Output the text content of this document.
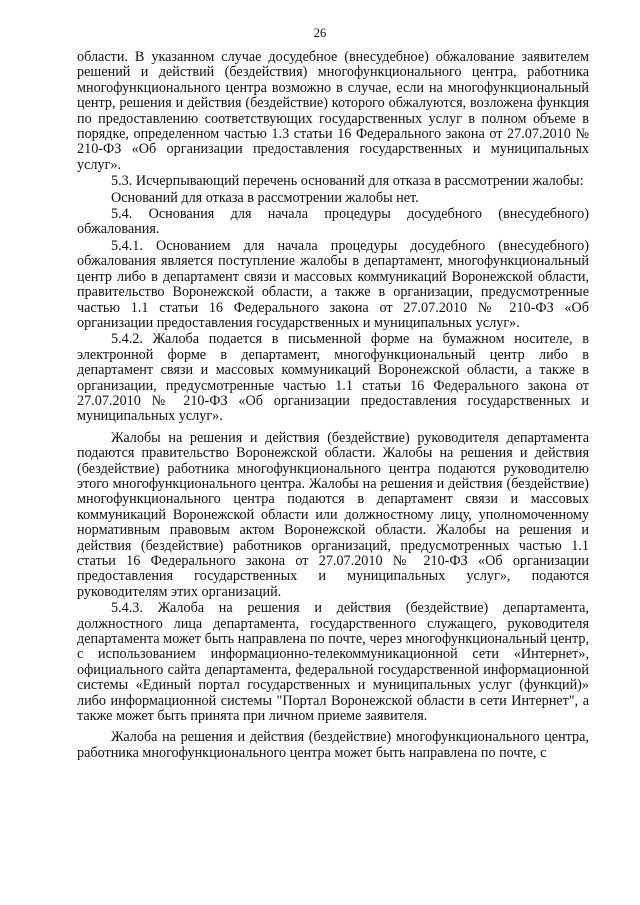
26

области. В указанном случае досудебное (внесудебное) обжалование заявителем решений и действий (бездействия) многофункционального центра, работника многофункционального центра возможно в случае, если на многофункциональный центр, решения и действия (бездействие) которого обжалуются, возложена функция по предоставлению соответствующих государственных услуг в полном объеме в порядке, определенном частью 1.3 статьи 16 Федерального закона от 27.07.2010 № 210-ФЗ «Об организации предоставления государственных и муниципальных услуг».

5.3. Исчерпывающий перечень оснований для отказа в рассмотрении жалобы:

Оснований для отказа в рассмотрении жалобы нет.

5.4. Основания для начала процедуры досудебного (внесудебного) обжалования.

5.4.1. Основанием для начала процедуры досудебного (внесудебного) обжалования является поступление жалобы в департамент, многофункциональный центр либо в департамент связи и массовых коммуникаций Воронежской области, правительство Воронежской области, а также в организации, предусмотренные частью 1.1 статьи 16 Федерального закона от 27.07.2010 № 210-ФЗ «Об организации предоставления государственных и муниципальных услуг».

5.4.2. Жалоба подается в письменной форме на бумажном носителе, в электронной форме в департамент, многофункциональный центр либо в департамент связи и массовых коммуникаций Воронежской области, а также в организации, предусмотренные частью 1.1 статьи 16 Федерального закона от 27.07.2010 № 210-ФЗ «Об организации предоставления государственных и муниципальных услуг».

Жалобы на решения и действия (бездействие) руководителя департамента подаются правительство Воронежской области. Жалобы на решения и действия (бездействие) работника многофункционального центра подаются руководителю этого многофункционального центра. Жалобы на решения и действия (бездействие) многофункционального центра подаются в департамент связи и массовых коммуникаций Воронежской области или должностному лицу, уполномоченному нормативным правовым актом Воронежской области. Жалобы на решения и действия (бездействие) работников организаций, предусмотренных частью 1.1 статьи 16 Федерального закона от 27.07.2010 № 210-ФЗ «Об организации предоставления государственных и муниципальных услуг», подаются руководителям этих организаций.

5.4.3. Жалоба на решения и действия (бездействие) департамента, должностного лица департамента, государственного служащего, руководителя департамента может быть направлена по почте, через многофункциональный центр, с использованием информационно-телекоммуникационной сети «Интернет», официального сайта департамента, федеральной государственной информационной системы «Единый портал государственных и муниципальных услуг (функций)» либо информационной системы "Портал Воронежской области в сети Интернет", а также может быть принята при личном приеме заявителя.

Жалоба на решения и действия (бездействие) многофункционального центра, работника многофункционального центра может быть направлена по почте, с
